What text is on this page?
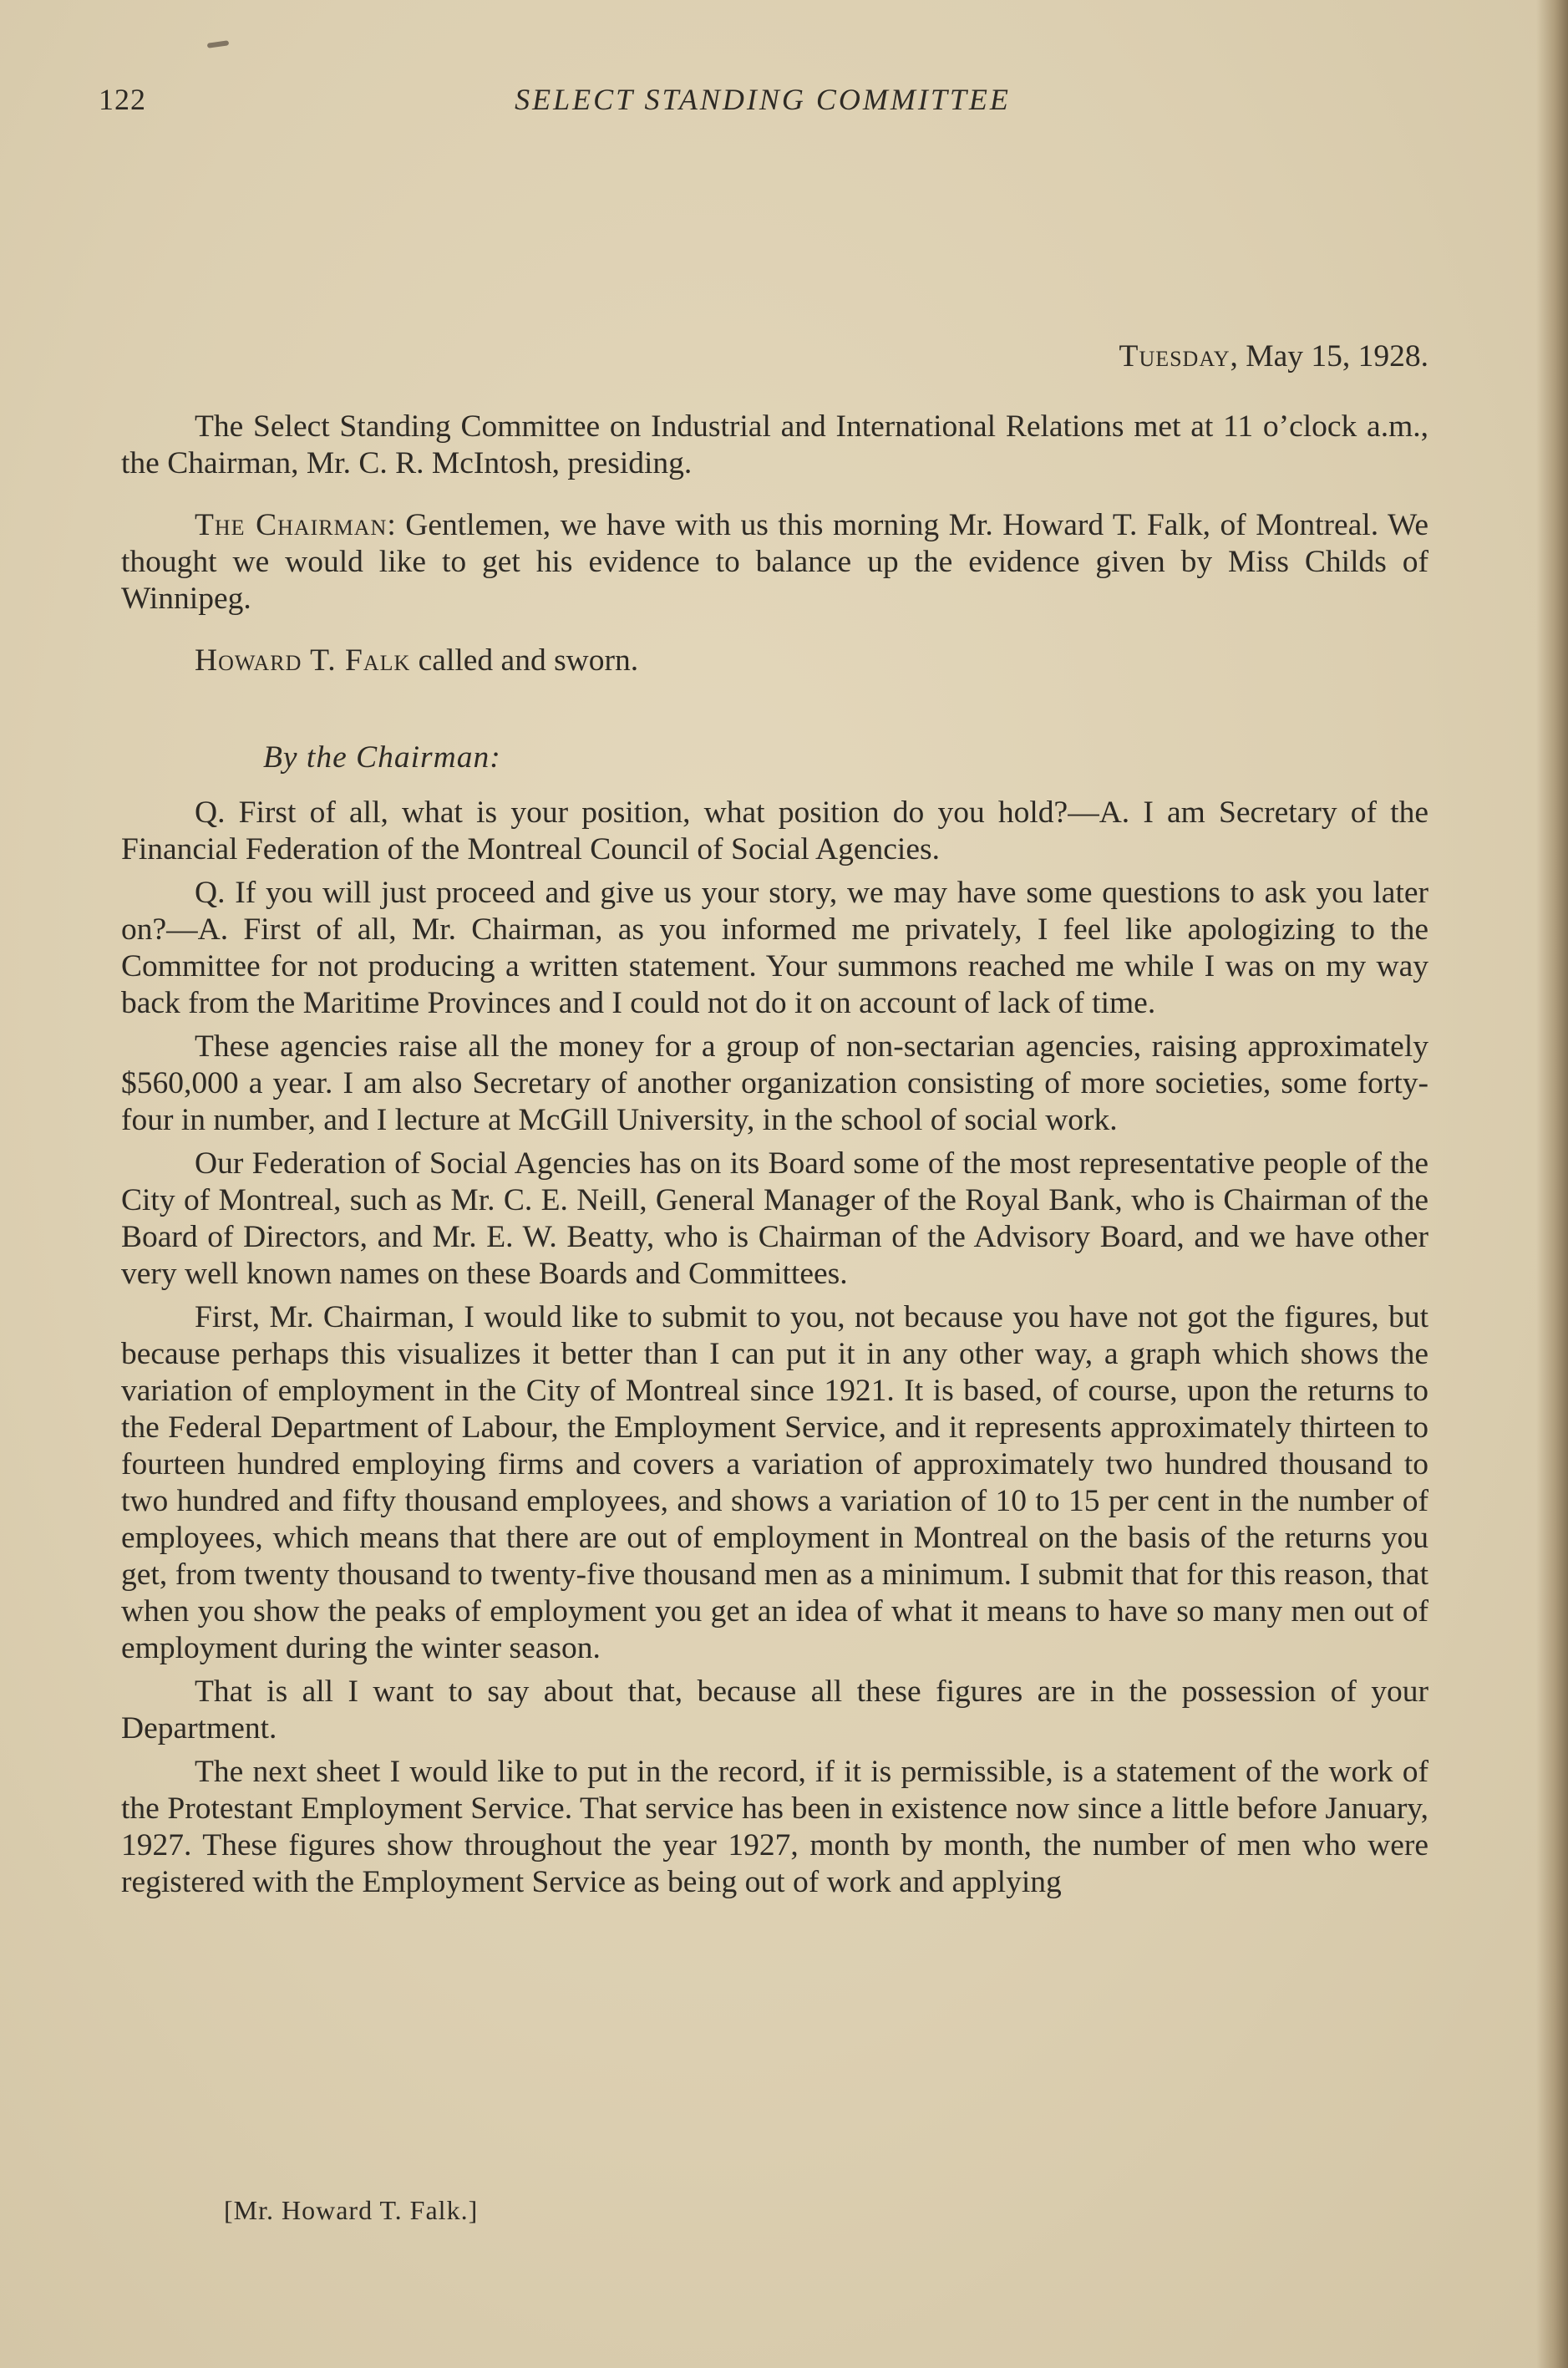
122	SELECT STANDING COMMITTEE
Tuesday, May 15, 1928.

The Select Standing Committee on Industrial and International Relations met at 11 o’clock a.m., the Chairman, Mr. C. R. McIntosh, presiding.

The Chairman: Gentlemen, we have with us this morning Mr. Howard T. Falk, of Montreal. We thought we would like to get his evidence to balance up the evidence given by Miss Childs of Winnipeg.

Howard T. Falk called and sworn.

By the Chairman:

Q. First of all, what is your position, what position do you hold?—A. I am Secretary of the Financial Federation of the Montreal Council of Social Agencies.

Q. If you will just proceed and give us your story, we may have some questions to ask you later on?—A. First of all, Mr. Chairman, as you informed me privately, I feel like apologizing to the Committee for not producing a written statement. Your summons reached me while I was on my way back from the Maritime Provinces and I could not do it on account of lack of time.

These agencies raise all the money for a group of non-sectarian agencies, raising approximately $560,000 a year. I am also Secretary of another organization consisting of more societies, some forty-four in number, and I lecture at McGill University, in the school of social work.

Our Federation of Social Agencies has on its Board some of the most representative people of the City of Montreal, such as Mr. C. E. Neill, General Manager of the Royal Bank, who is Chairman of the Board of Directors, and Mr. E. W. Beatty, who is Chairman of the Advisory Board, and we have other very well known names on these Boards and Committees.

First, Mr. Chairman, I would like to submit to you, not because you have not got the figures, but because perhaps this visualizes it better than I can put it in any other way, a graph which shows the variation of employment in the City of Montreal since 1921. It is based, of course, upon the returns to the Federal Department of Labour, the Employment Service, and it represents approximately thirteen to fourteen hundred employing firms and covers a variation of approximately two hundred thousand to two hundred and fifty thousand employees, and shows a variation of 10 to 15 per cent in the number of employees, which means that there are out of employment in Montreal on the basis of the returns you get, from twenty thousand to twenty-five thousand men as a minimum. I submit that for this reason, that when you show the peaks of employment you get an idea of what it means to have so many men out of employment during the winter season.

That is all I want to say about that, because all these figures are in the possession of your Department.

The next sheet I would like to put in the record, if it is permissible, is a statement of the work of the Protestant Employment Service. That service has been in existence now since a little before January, 1927. These figures show throughout the year 1927, month by month, the number of men who were registered with the Employment Service as being out of work and applying

[Mr. Howard T. Falk.]
